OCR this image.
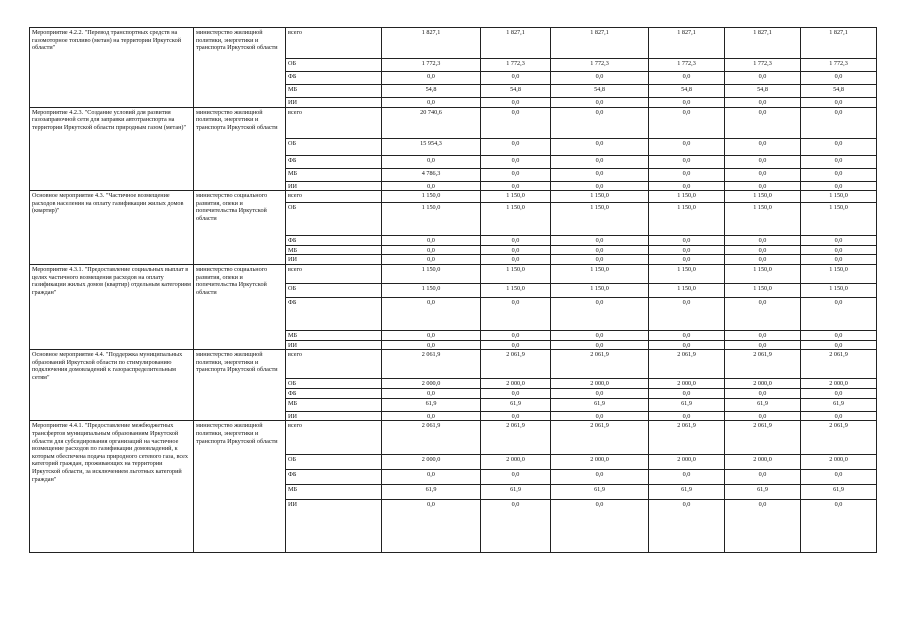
Мероприятие 4.2.2. "Перевод транспортных средств на газомоторное топливо (метан) на территории Иркутской области"	министерство жилищной политики, энергетики и транспорта Иркутской области	всего	1 827,1	1 827,1	1 827,1	1 827,1	1 827,1	1 827,1
		ОБ	1 772,3	1 772,3	1 772,3	1 772,3	1 772,3	1 772,3
		ФБ	0,0	0,0	0,0	0,0	0,0	0,0
		МБ	54,8	54,8	54,8	54,8	54,8	54,8
		ИИ	0,0	0,0	0,0	0,0	0,0	0,0
Мероприятие 4.2.3. "Создание условий для развития газозаправочной сети для заправки автотранспорта на территории Иркутской области природным газом (метан)"	министерство жилищной политики, энергетики и транспорта Иркутской области	всего	20 740,6	0,0	0,0	0,0	0,0	0,0
		ОБ	15 954,3	0,0	0,0	0,0	0,0	0,0
		ФБ	0,0	0,0	0,0	0,0	0,0	0,0
		МБ	4 786,3	0,0	0,0	0,0	0,0	0,0
		ИИ	0,0	0,0	0,0	0,0	0,0	0,0
Основное мероприятие 4.3. "Частичное возмещение расходов населения на оплату газификации жилых домов (квартир)"	министерство социального развития, опеки и попечительства Иркутской области	всего	1 150,0	1 150,0	1 150,0	1 150,0	1 150,0	1 150,0
		ОБ	1 150,0	1 150,0	1 150,0	1 150,0	1 150,0	1 150,0
		ФБ	0,0	0,0	0,0	0,0	0,0	0,0
		МБ	0,0	0,0	0,0	0,0	0,0	0,0
		ИИ	0,0	0,0	0,0	0,0	0,0	0,0
Мероприятие 4.3.1. "Предоставление социальных выплат в целях частичного возмещения расходов на оплату газификации жилых домов (квартир) отдельным категориям граждан"	министерство социального развития, опеки и попечительства Иркутской области	всего	1 150,0	1 150,0	1 150,0	1 150,0	1 150,0	1 150,0
		ОБ	1 150,0	1 150,0	1 150,0	1 150,0	1 150,0	1 150,0
		ФБ	0,0	0,0	0,0	0,0	0,0	0,0
		МБ	0,0	0,0	0,0	0,0	0,0	0,0
		ИИ	0,0	0,0	0,0	0,0	0,0	0,0
Основное мероприятие 4.4. "Поддержка муниципальных образований Иркутской области по стимулированию подключения домовладений к газораспределительным сетям"	министерство жилищной политики, энергетики и транспорта Иркутской области	всего	2 061,9	2 061,9	2 061,9	2 061,9	2 061,9	2 061,9
		ОБ	2 000,0	2 000,0	2 000,0	2 000,0	2 000,0	2 000,0
		ФБ	0,0	0,0	0,0	0,0	0,0	0,0
		МБ	61,9	61,9	61,9	61,9	61,9	61,9
		ИИ	0,0	0,0	0,0	0,0	0,0	0,0
Мероприятие 4.4.1. "Предоставление межбюджетных трансфертов муниципальным образованиям Иркутской области для субсидирования организаций на частичное возмещение расходов по газификации домовладений, к которым обеспечена подача природного сетевого газа, всех категорий граждан, проживающих на территории Иркутской области, за исключением льготных категорий граждан"	министерство жилищной политики, энергетики и транспорта Иркутской области	всего	2 061,9	2 061,9	2 061,9	2 061,9	2 061,9	2 061,9
		ОБ	2 000,0	2 000,0	2 000,0	2 000,0	2 000,0	2 000,0
		ФБ	0,0	0,0	0,0	0,0	0,0	0,0
		МБ	61,9	61,9	61,9	61,9	61,9	61,9
		ИИ	0,0	0,0	0,0	0,0	0,0	0,0
